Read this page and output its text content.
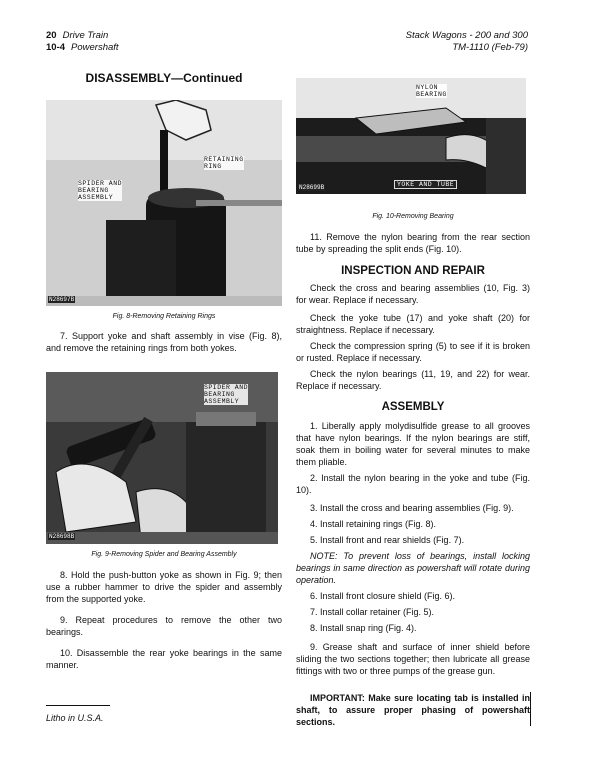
20 Drive Train
10-4 Powershaft
Stack Wagons - 200 and 300
TM-1110 (Feb-79)
DISASSEMBLY—Continued
RETAINING
RING
SPIDER AND
BEARING
ASSEMBLY
N28697B
Fig. 8-Removing Retaining Rings
7. Support yoke and shaft assembly in vise (Fig. 8), and remove the retaining rings from both yokes.
SPIDER AND
BEARING
ASSEMBLY
N28698B
Fig. 9-Removing Spider and Bearing Assembly
8. Hold the push-button yoke as shown in Fig. 9; then use a rubber hammer to drive the spider and assembly from the supported yoke.
9. Repeat procedures to remove the other two bearings.
10. Disassemble the rear yoke bearings in the same manner.
NYLON
BEARING
YOKE AND TUBE
N28699B
Fig. 10-Removing Bearing
11. Remove the nylon bearing from the rear section tube by spreading the split ends (Fig. 10).
INSPECTION AND REPAIR
Check the cross and bearing assemblies (10, Fig. 3) for wear. Replace if necessary.
Check the yoke tube (17) and yoke shaft (20) for straightness. Replace if necessary.
Check the compression spring (5) to see if it is broken or rusted. Replace if necessary.
Check the nylon bearings (11, 19, and 22) for wear. Replace if necessary.
ASSEMBLY
1. Liberally apply molydisulfide grease to all grooves that have nylon bearings. If the nylon bearings are stiff, soak them in boiling water for several minutes to make them pliable.
2. Install the nylon bearing in the yoke and tube (Fig. 10).
3. Install the cross and bearing assemblies (Fig. 9).
4. Install retaining rings (Fig. 8).
5. Install front and rear shields (Fig. 7).
NOTE: To prevent loss of bearings, install locking bearings in same direction as powershaft will rotate during operation.
6. Install front closure shield (Fig. 6).
7. Install collar retainer (Fig. 5).
8. Install snap ring (Fig. 4).
9. Grease shaft and surface of inner shield before sliding the two sections together; then lubricate all grease fittings with two or three pumps of the grease gun.
IMPORTANT: Make sure locating tab is installed in shaft, to assure proper phasing of powershaft sections.
Litho in U.S.A.
